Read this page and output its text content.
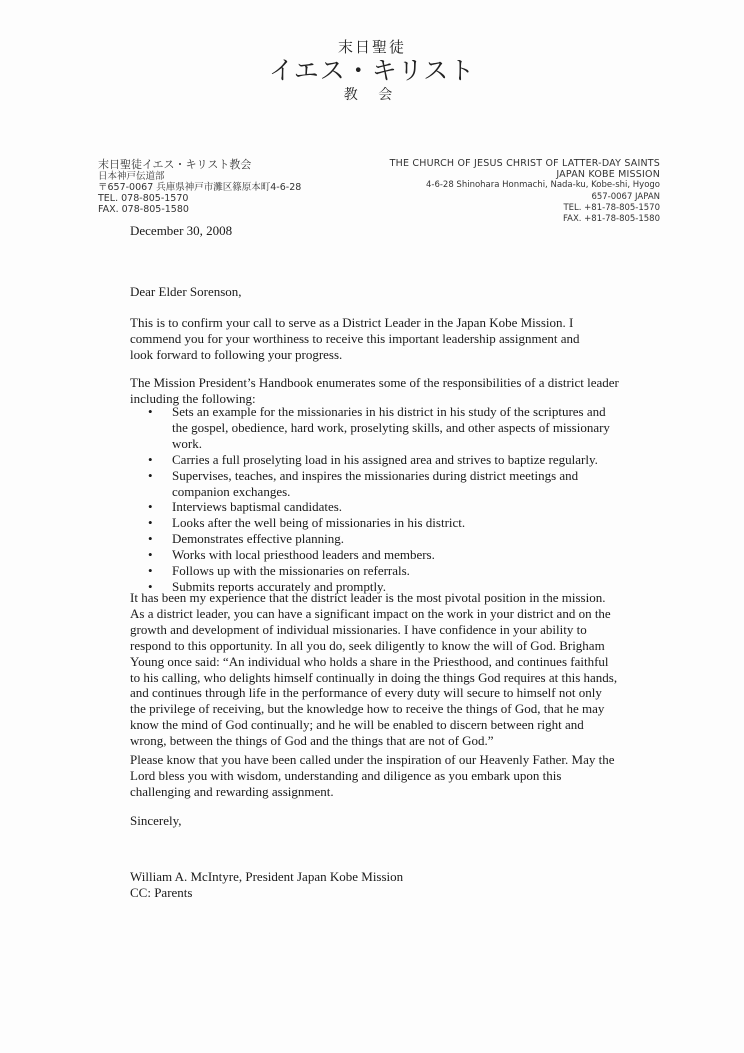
末日聖徒
イエス・キリスト
教 会
末日聖徒イエス・キリスト教会
日本神戸伝道部
〒657-0067 兵庫県神戸市灘区篠原本町4-6-28
TEL. 078-805-1570
FAX. 078-805-1580
THE CHURCH OF JESUS CHRIST OF LATTER-DAY SAINTS
JAPAN KOBE MISSION
4-6-28 Shinohara Honmachi, Nada-ku, Kobe-shi, Hyogo
657-0067 JAPAN
TEL. +81-78-805-1570
FAX. +81-78-805-1580
December 30, 2008
Dear Elder Sorenson,

This is to confirm your call to serve as a District Leader in the Japan Kobe Mission. I commend you for your worthiness to receive this important leadership assignment and look forward to following your progress.

The Mission President’s Handbook enumerates some of the responsibilities of a district leader including the following:

• Sets an example for the missionaries in his district in his study of the scriptures and the gospel, obedience, hard work, proselyting skills, and other aspects of missionary work.
• Carries a full proselyting load in his assigned area and strives to baptize regularly.
• Supervises, teaches, and inspires the missionaries during district meetings and companion exchanges.
• Interviews baptismal candidates.
• Looks after the well being of missionaries in his district.
• Demonstrates effective planning.
• Works with local priesthood leaders and members.
• Follows up with the missionaries on referrals.
• Submits reports accurately and promptly.

It has been my experience that the district leader is the most pivotal position in the mission. As a district leader, you can have a significant impact on the work in your district and on the growth and development of individual missionaries. I have confidence in your ability to respond to this opportunity. In all you do, seek diligently to know the will of God. Brigham Young once said: “An individual who holds a share in the Priesthood, and continues faithful to his calling, who delights himself continually in doing the things God requires at this hands, and continues through life in the performance of every duty will secure to himself not only the privilege of receiving, but the knowledge how to receive the things of God, that he may know the mind of God continually; and he will be enabled to discern between right and wrong, between the things of God and the things that are not of God.”

Please know that you have been called under the inspiration of our Heavenly Father. May the Lord bless you with wisdom, understanding and diligence as you embark upon this challenging and rewarding assignment.

Sincerely,
William A. McIntyre, President Japan Kobe Mission
CC: Parents
